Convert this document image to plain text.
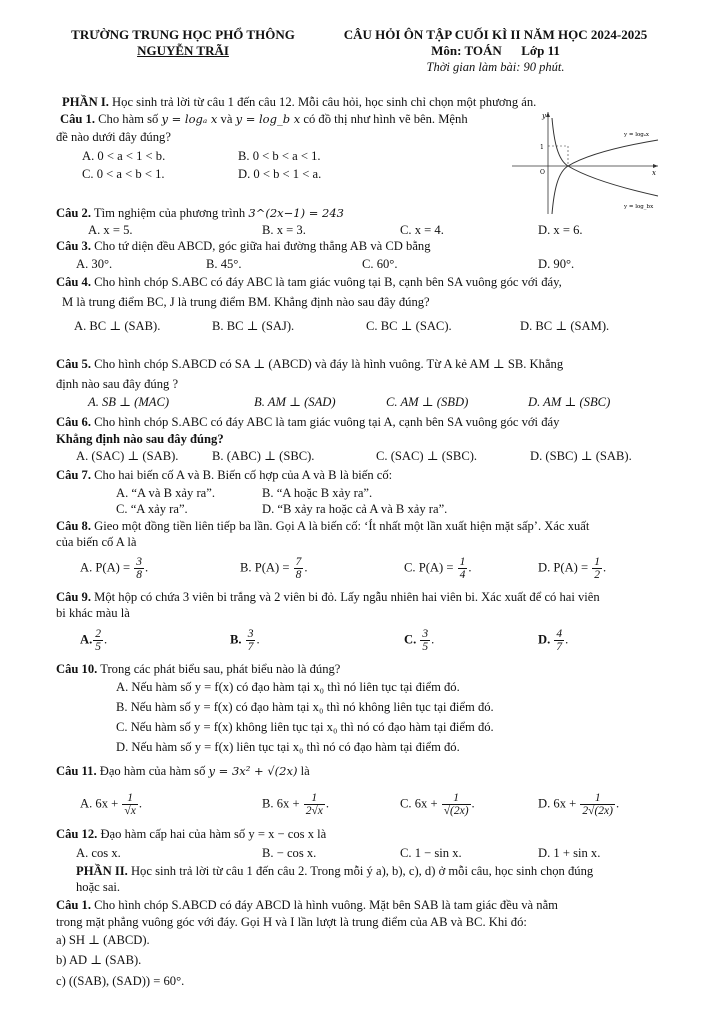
TRƯỜNG TRUNG HỌC PHỔ THÔNG
NGUYỄN TRÃI
CÂU HỎI ÔN TẬP CUỐI KÌ II NĂM HỌC 2024-2025
Môn: TOÁN Lớp 11
Thời gian làm bài: 90 phút.
PHẦN I. Học sinh trả lời từ câu 1 đến câu 12. Mỗi câu hỏi, học sinh chỉ chọn một phương án.
Câu 1. Cho hàm số y = logₐ x và y = log_b x có đồ thị như hình vẽ bên. Mệnh
đề nào dưới đây đúng?
A. 0 < a < 1 < b.	B. 0 < b < a < 1.
C. 0 < a < b < 1.	D. 0 < b < 1 < a.
y
x
O
1
y = logₐx
y = log_bx
Câu 2. Tìm nghiệm của phương trình 3^(2x−1) = 243
A. x = 5.	B. x = 3.	C. x = 4.	D. x = 6.
Câu 3. Cho tứ diện đều ABCD, góc giữa hai đường thẳng AB và CD bằng
A. 30°.	B. 45°.	C. 60°.	D. 90°.
Câu 4. Cho hình chóp S.ABC có đáy ABC là tam giác vuông tại B, cạnh bên SA vuông góc với đáy,
M là trung điểm BC, J là trung điểm BM. Khẳng định nào sau đây đúng?
A. BC ⊥ (SAB).	B. BC ⊥ (SAJ).	C. BC ⊥ (SAC).	D. BC ⊥ (SAM).
Câu 5. Cho hình chóp S.ABCD có SA ⊥ (ABCD) và đáy là hình vuông. Từ A kẻ AM ⊥ SB. Khẳng
định nào sau đây đúng ?
A. SB ⊥ (MAC)	B. AM ⊥ (SAD)	C. AM ⊥ (SBD)	D. AM ⊥ (SBC)
Câu 6. Cho hình chóp S.ABC có đáy ABC là tam giác vuông tại A, cạnh bên SA vuông góc với đáy
Khẳng định nào sau đây đúng?
A. (SAC) ⊥ (SAB).	B. (ABC) ⊥ (SBC).	C. (SAC) ⊥ (SBC).	D. (SBC) ⊥ (SAB).
Câu 7. Cho hai biến cố A và B. Biến cố hợp của A và B là biến cố:
A. “A và B xảy ra”.	B. “A hoặc B xảy ra”.
C. “A xảy ra”.	D. “B xảy ra hoặc cả A và B xảy ra”.
Câu 8. Gieo một đồng tiền liên tiếp ba lần. Gọi A là biến cố: ‘Ít nhất một lần xuất hiện mặt sấp’. Xác xuất
của biến cố A là
A. $P(A) = \frac{3}{8}$ .	B. $P(A) = \frac{7}{8}$ .	C. $P(A) = \frac{1}{4}$ .	D. $P(A) = \frac{1}{2}$ .
Câu 9. Một hộp có chứa 3 viên bi trắng và 2 viên bi đỏ. Lấy ngẫu nhiên hai viên bi. Xác xuất để có hai viên
bi khác màu là
A. $\frac{2}{5}$ .	B. $\frac{3}{7}$ .	C. $\frac{3}{5}$ .	D. $\frac{4}{7}$ .
Câu 10. Trong các phát biểu sau, phát biểu nào là đúng?
A. Nếu hàm số y = f(x) có đạo hàm tại x₀ thì nó liên tục tại điểm đó.
B. Nếu hàm số y = f(x) có đạo hàm tại x₀ thì nó không liên tục tại điểm đó.
C. Nếu hàm số y = f(x) không liên tục tại x₀ thì nó có đạo hàm tại điểm đó.
D. Nếu hàm số y = f(x) liên tục tại x₀ thì nó có đạo hàm tại điểm đó.
Câu 11. Đạo hàm của hàm số y = 3x² + √(2x) là
A. $6x + \frac{1}{√x}$ .	B. $6x + \frac{1}{2√x}$ .	C. $6x + \frac{1}{√(2x)}$ .	D. $6x + \frac{1}{2√(2x)}$ .
Câu 12. Đạo hàm cấp hai của hàm số y = x − cos x là
A. cos x.	B. − cos x.	C. 1 − sin x.	D. 1 + sin x.
PHẦN II. Học sinh trả lời từ câu 1 đến câu 2. Trong mỗi ý a), b), c), d) ở mỗi câu, học sinh chọn đúng
hoặc sai.
Câu 1. Cho hình chóp S.ABCD có đáy ABCD là hình vuông. Mặt bên SAB là tam giác đều và nằm
trong mặt phẳng vuông góc với đáy. Gọi H và I lần lượt là trung điểm của AB và BC. Khi đó:
a) SH ⊥ (ABCD).
b) AD ⊥ (SAB).
c) ((SAB), (SAD)) = 60°.
